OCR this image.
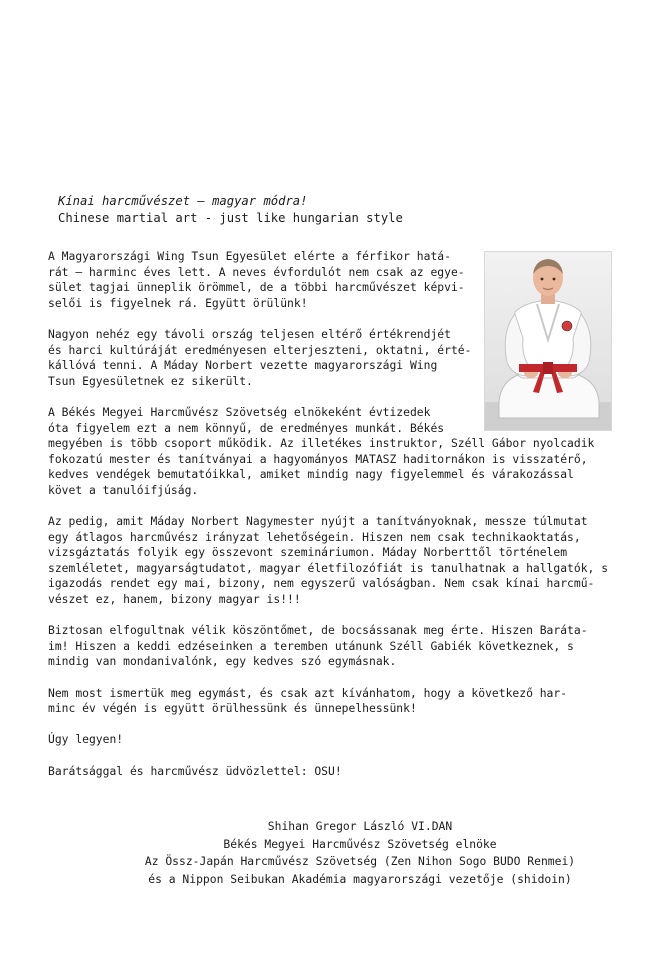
Kínai harcművészet – magyar módra!
Chinese martial art - just like hungarian style
A Magyarországi Wing Tsun Egyesület elérte a férfikor hatá-
rát – harminc éves lett. A neves évfordulót nem csak az egye-
sület tagjai ünneplik örömmel, de a többi harcművészet képvi-
selői is figyelnek rá. Együtt örülünk!
Nagyon nehéz egy távoli ország teljesen eltérő értékrendjét
és harci kultúráját eredményesen elterjeszteni, oktatni, érté-
kállóvá tenni. A Máday Norbert vezette magyarországi Wing
Tsun Egyesületnek ez sikerült.
A Békés Megyei Harcművész Szövetség elnökeként évtizedek
óta figyelem ezt a nem könnyű, de eredményes munkát. Békés
megyében is több csoport működik. Az illetékes instruktor, Széll Gábor nyolcadik
fokozatú mester és tanítványai a hagyományos MATASZ haditornákon is visszatérő,
kedves vendégek bemutatóikkal, amiket mindig nagy figyelemmel és várakozással
követ a tanulóifjúság.
Az pedig, amit Máday Norbert Nagymester nyújt a tanítványoknak, messze túlmutat
egy átlagos harcművész irányzat lehetőségein. Hiszen nem csak technikaoktatás,
vizsgáztatás folyik egy összevont szemináriumon. Máday Norberttől történelem
szemléletet, magyarságtudatot, magyar életfilozófiát is tanulhatnak a hallgatók, s
igazodás rendet egy mai, bizony, nem egyszerű valóságban. Nem csak kínai harcmű-
vészet ez, hanem, bizony magyar is!!!
Biztosan elfogultnak vélik köszöntőmet, de bocsássanak meg érte. Hiszen Baráta-
im! Hiszen a keddi edzéseinken a teremben utánunk Széll Gabiék következnek, s
mindig van mondanivalónk, egy kedves szó egymásnak.
Nem most ismertük meg egymást, és csak azt kívánhatom, hogy a következő har-
minc év végén is együtt örülhessünk és ünnepelhessünk!
Úgy legyen!
Barátsággal és harcművész üdvözlettel: OSU!
Shihan Gregor László VI.DAN
Békés Megyei Harcművész Szövetség elnöke
Az Össz-Japán Harcművész Szövetség (Zen Nihon Sogo BUDO Renmei)
és a Nippon Seibukan Akadémia magyarországi vezetője (shidoin)
